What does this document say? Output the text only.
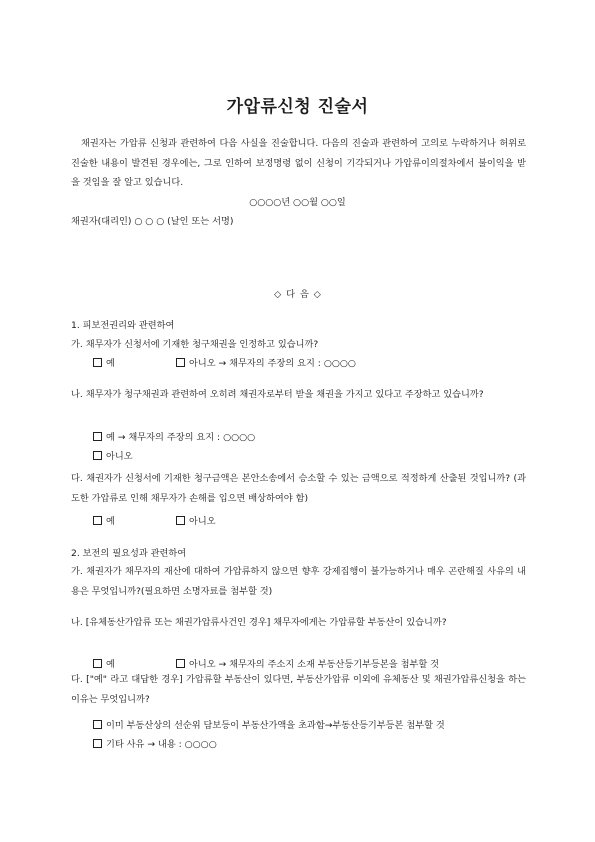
가압류신청 진술서

채권자는 가압류 신청과 관련하여 다음 사실을 진술합니다. 다음의 진술과 관련하여 고의로 누락하거나 허위로 진술한 내용이 발견된 경우에는, 그로 인하여 보정명령 없이 신청이 기각되거나 가압류이의절차에서 불이익을 받을 것임을 잘 알고 있습니다.

○○○○년 ○○월 ○○일

채권자(대리인) ○ ○ ○ (날인 또는 서명)

◇ 다 음 ◇

1. 피보전권리와 관련하여

가. 채무자가 신청서에 기재한 청구채권을 인정하고 있습니까?

예	아니오 → 채무자의 주장의 요지 : ○○○○

나. 채무자가 청구채권과 관련하여 오히려 채권자로부터 받을 채권을 가지고 있다고 주장하고 있습니까?

예 → 채무자의 주장의 요지 : ○○○○

아니오

다. 채권자가 신청서에 기재한 청구금액은 본안소송에서 승소할 수 있는 금액으로 적정하게 산출된 것입니까? (과도한 가압류로 인해 채무자가 손해를 입으면 배상하여야 함)

예	아니오

2. 보전의 필요성과 관련하여

가. 채권자가 채무자의 재산에 대하여 가압류하지 않으면 향후 강제집행이 불가능하거나 매우 곤란해질 사유의 내용은 무엇입니까?(필요하면 소명자료를 첨부할 것)

나. [유체동산가압류 또는 채권가압류사건인 경우] 채무자에게는 가압류할 부동산이 있습니까?

예	아니오 → 채무자의 주소지 소재 부동산등기부등본을 첨부할 것

다. ["예" 라고 대답한 경우] 가압류할 부동산이 있다면, 부동산가압류 이외에 유체동산 및 채권가압류신청을 하는 이유는 무엇입니까?

이미 부동산상의 선순위 담보등이 부동산가액을 초과함→부동산등기부등본 첨부할 것

기타 사유 → 내용 : ○○○○
